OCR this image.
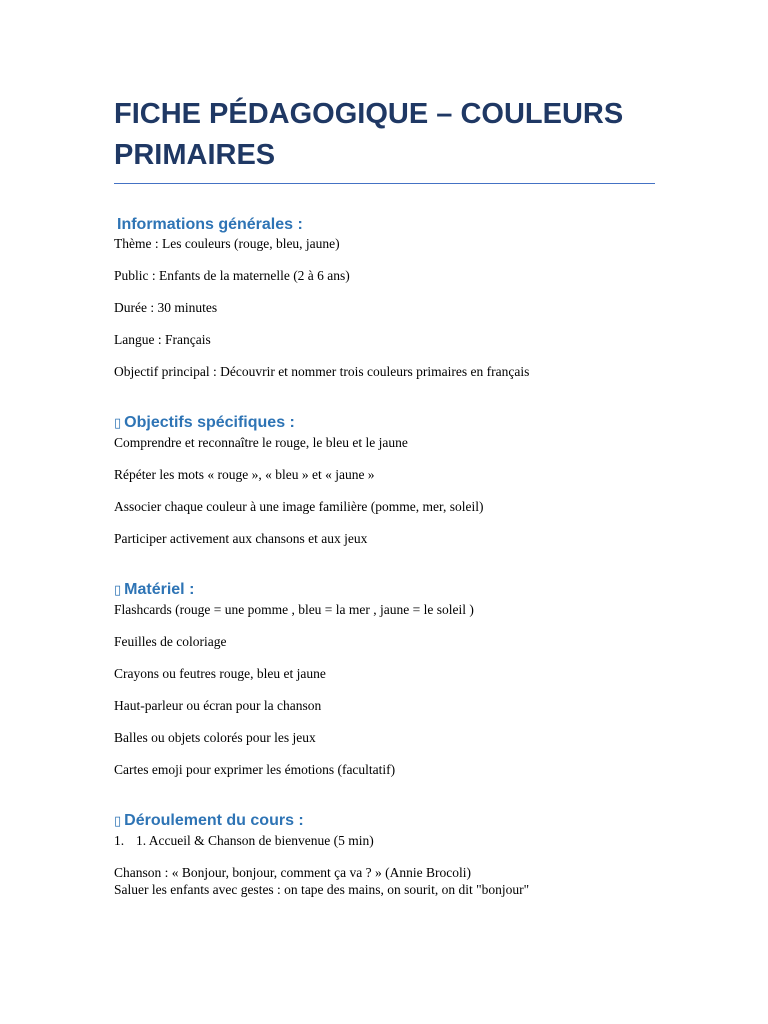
FICHE PÉDAGOGIQUE – COULEURS PRIMAIRES
Informations générales :

Thème : Les couleurs (rouge, bleu, jaune)

Public : Enfants de la maternelle (2 à 6 ans)

Durée : 30 minutes

Langue : Français

Objectif principal : Découvrir et nommer trois couleurs primaires en français

▯ Objectifs spécifiques :

Comprendre et reconnaître le rouge, le bleu et le jaune

Répéter les mots « rouge », « bleu » et « jaune »

Associer chaque couleur à une image familière (pomme, mer, soleil)

Participer activement aux chansons et aux jeux

▯ Matériel :

Flashcards (rouge = une pomme , bleu = la mer , jaune = le soleil )

Feuilles de coloriage

Crayons ou feutres rouge, bleu et jaune

Haut-parleur ou écran pour la chanson

Balles ou objets colorés pour les jeux

Cartes emoji pour exprimer les émotions (facultatif)

▯ Déroulement du cours :
1. 1. Accueil & Chanson de bienvenue (5 min)

Chanson : « Bonjour, bonjour, comment ça va ? » (Annie Brocoli)

Saluer les enfants avec gestes : on tape des mains, on sourit, on dit "bonjour"
